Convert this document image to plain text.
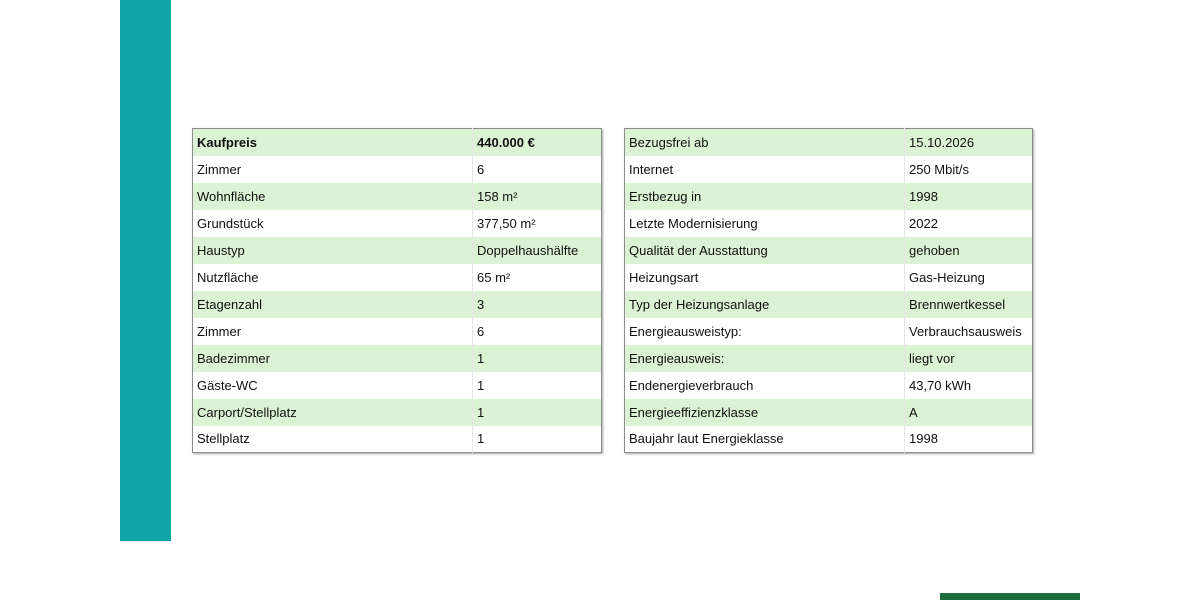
Kaufpreis	440.000 €
Zimmer	6
Wohnfläche	158 m²
Grundstück	377,50 m²
Haustyp	Doppelhaushälfte
Nutzfläche	65 m²
Etagenzahl	3
Zimmer	6
Badezimmer	1
Gäste-WC	1
Carport/Stellplatz	1
Stellplatz	1
Bezugsfrei ab	15.10.2026
Internet	250 Mbit/s
Erstbezug in	1998
Letzte Modernisierung	2022
Qualität der Ausstattung	gehoben
Heizungsart	Gas-Heizung
Typ der Heizungsanlage	Brennwertkessel
Energieausweistyp:	Verbrauchsausweis
Energieausweis:	liegt vor
Endenergieverbrauch	43,70 kWh
Energieeffizienzklasse	A
Baujahr laut Energieklasse	1998
